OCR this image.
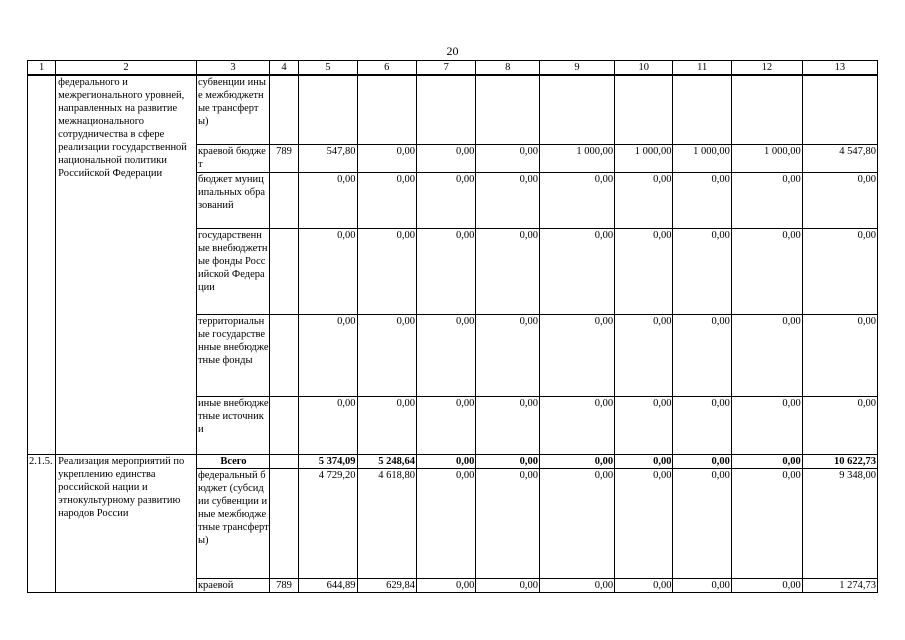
20
1	2	3	4	5	6	7	8	9	10	11	12	13
	федерального и межрегионального уровней, направленных на развитие межнационального сотрудничества в сфере реализации государственной национальной политики Российской Федерации	субвенции иные межбюджетные трансферты)										
		краевой бюджет	789	547,80	0,00	0,00	0,00	1 000,00	1 000,00	1 000,00	1 000,00	4 547,80
		бюджет муниципальных образований		0,00	0,00	0,00	0,00	0,00	0,00	0,00	0,00	0,00
		государственные внебюджетные фонды Российской Федерации		0,00	0,00	0,00	0,00	0,00	0,00	0,00	0,00	0,00
		территориальные государственные внебюджетные фонды		0,00	0,00	0,00	0,00	0,00	0,00	0,00	0,00	0,00
		иные внебюджетные источники		0,00	0,00	0,00	0,00	0,00	0,00	0,00	0,00	0,00
2.1.5.	Реализация мероприятий по укреплению единства российской нации и этнокультурному развитию народов России	Всего		5 374,09	5 248,64	0,00	0,00	0,00	0,00	0,00	0,00	10 622,73
		федеральный бюджет (субсидии субвенции иные межбюджетные трансферты)		4 729,20	4 618,80	0,00	0,00	0,00	0,00	0,00	0,00	9 348,00
		краевой	789	644,89	629,84	0,00	0,00	0,00	0,00	0,00	0,00	1 274,73
